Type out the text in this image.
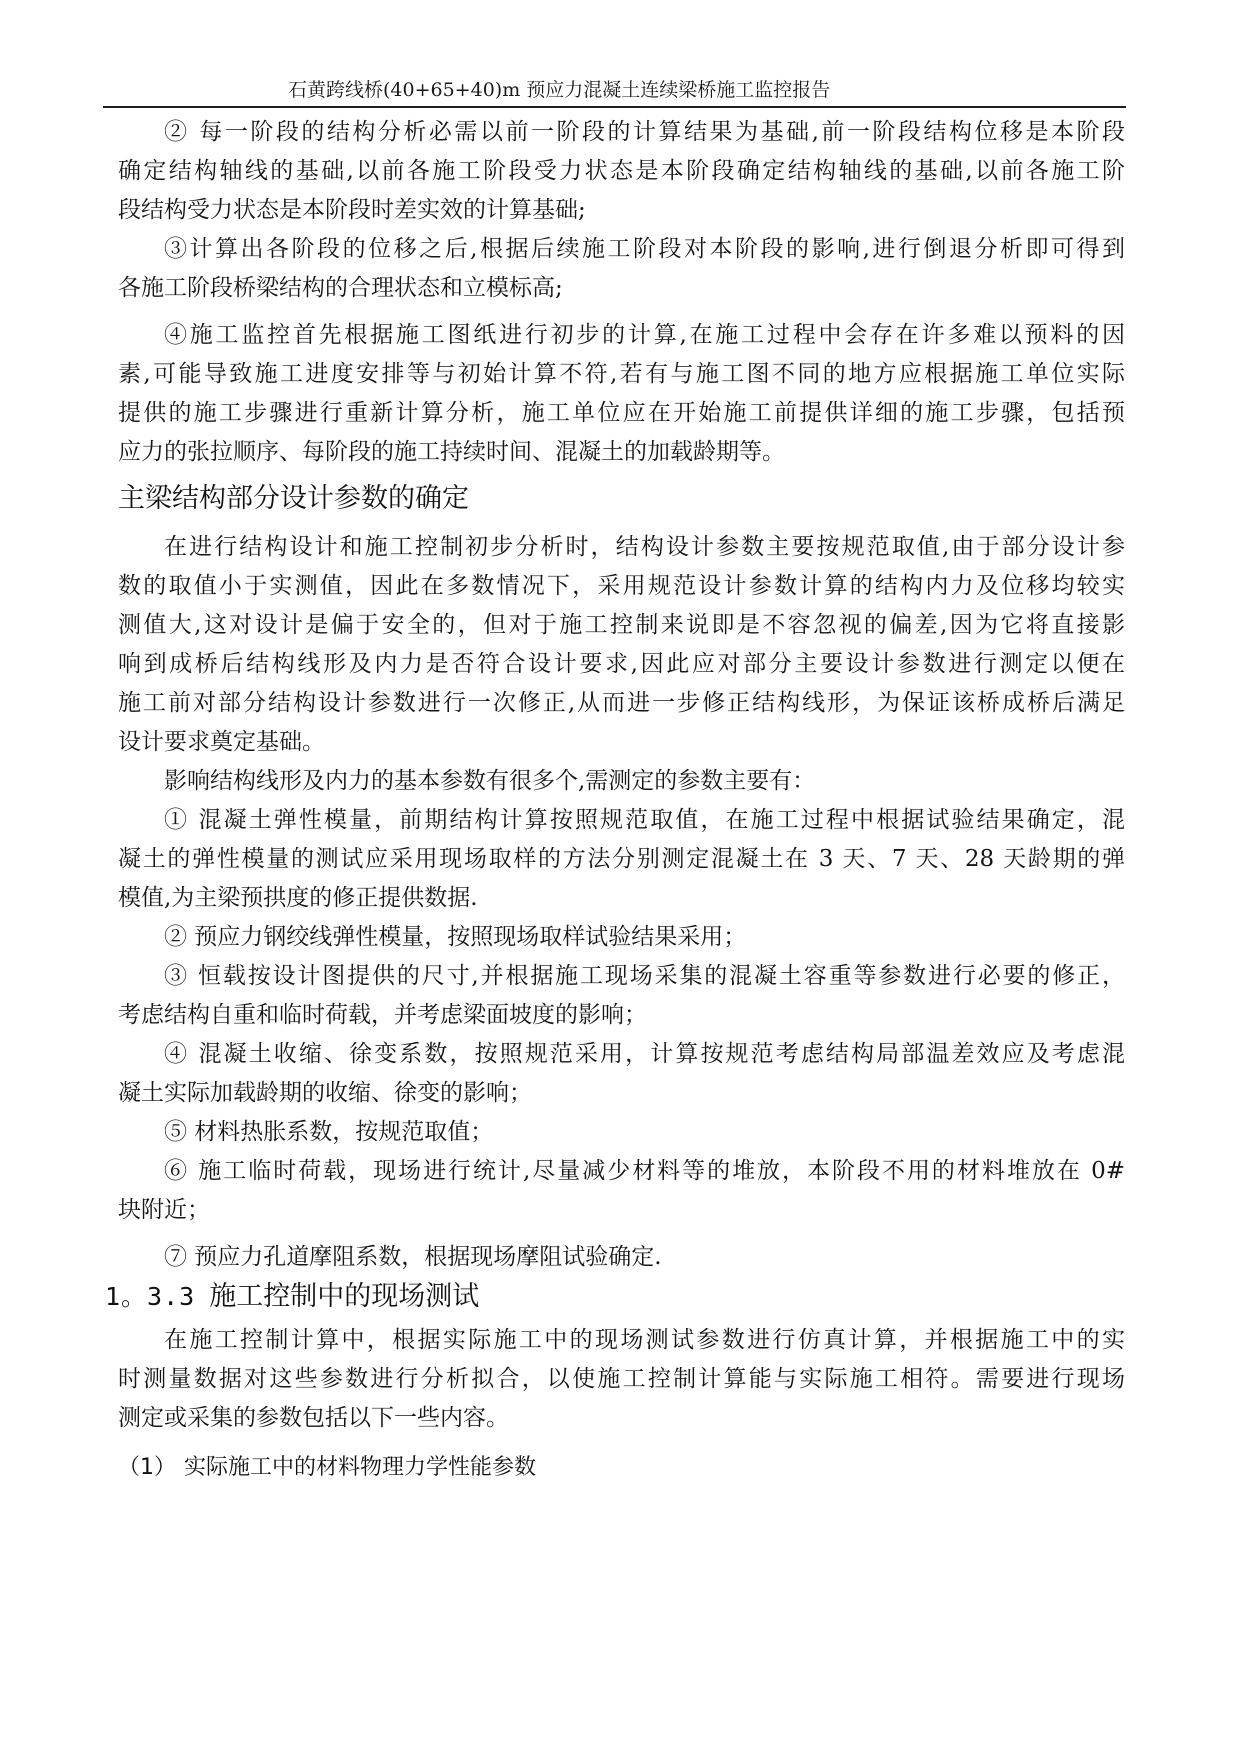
石黄跨线桥(40+65+40)m 预应力混凝土连续梁桥施工监控报告
② 每一阶段的结构分析必需以前一阶段的计算结果为基础,前一阶段结构位移是本阶段
确定结构轴线的基础,以前各施工阶段受力状态是本阶段确定结构轴线的基础,以前各施工阶
段结构受力状态是本阶段时差实效的计算基础;
③计算出各阶段的位移之后,根据后续施工阶段对本阶段的影响,进行倒退分析即可得到
各施工阶段桥梁结构的合理状态和立模标高;
④施工监控首先根据施工图纸进行初步的计算,在施工过程中会存在许多难以预料的因
素,可能导致施工进度安排等与初始计算不符,若有与施工图不同的地方应根据施工单位实际
提供的施工步骤进行重新计算分析，施工单位应在开始施工前提供详细的施工步骤，包括预
应力的张拉顺序、每阶段的施工持续时间、混凝土的加载龄期等。
主梁结构部分设计参数的确定
在进行结构设计和施工控制初步分析时，结构设计参数主要按规范取值,由于部分设计参
数的取值小于实测值，因此在多数情况下，采用规范设计参数计算的结构内力及位移均较实
测值大,这对设计是偏于安全的，但对于施工控制来说即是不容忽视的偏差,因为它将直接影
响到成桥后结构线形及内力是否符合设计要求,因此应对部分主要设计参数进行测定以便在
施工前对部分结构设计参数进行一次修正,从而进一步修正结构线形，为保证该桥成桥后满足
设计要求奠定基础。
影响结构线形及内力的基本参数有很多个,需测定的参数主要有：
① 混凝土弹性模量，前期结构计算按照规范取值，在施工过程中根据试验结果确定，混
凝土的弹性模量的测试应采用现场取样的方法分别测定混凝土在 3 天、7 天、28 天龄期的弹
模值,为主梁预拱度的修正提供数据.
② 预应力钢绞线弹性模量，按照现场取样试验结果采用；
③ 恒载按设计图提供的尺寸,并根据施工现场采集的混凝土容重等参数进行必要的修正，
考虑结构自重和临时荷载，并考虑梁面坡度的影响；
④ 混凝土收缩、徐变系数，按照规范采用，计算按规范考虑结构局部温差效应及考虑混
凝土实际加载龄期的收缩、徐变的影响；
⑤ 材料热胀系数，按规范取值；
⑥ 施工临时荷载，现场进行统计,尽量减少材料等的堆放，本阶段不用的材料堆放在 0#
块附近；
⑦ 预应力孔道摩阻系数，根据现场摩阻试验确定.
1。3.3 施工控制中的现场测试
在施工控制计算中，根据实际施工中的现场测试参数进行仿真计算，并根据施工中的实
时测量数据对这些参数进行分析拟合，以使施工控制计算能与实际施工相符。需要进行现场
测定或采集的参数包括以下一些内容。
（1） 实际施工中的材料物理力学性能参数
